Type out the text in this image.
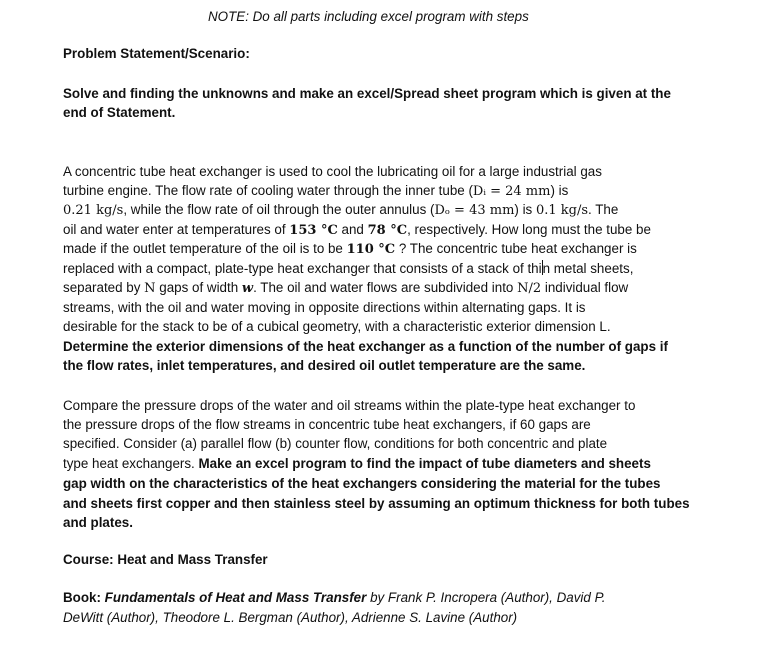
NOTE: Do all parts including excel program with steps
Problem Statement/Scenario:
Solve and finding the unknowns and make an excel/Spread sheet program which is given at the
end of Statement.
A concentric tube heat exchanger is used to cool the lubricating oil for a large industrial gas
turbine engine. The flow rate of cooling water through the inner tube (Dᵢ = 24 mm) is
0.21 kg/s, while the flow rate of oil through the outer annulus (Dₒ = 43 mm) is 0.1 kg/s. The
oil and water enter at temperatures of 153 °C and 78 °C, respectively. How long must the tube be
made if the outlet temperature of the oil is to be 110 °C ? The concentric tube heat exchanger is
replaced with a compact, plate-type heat exchanger that consists of a stack of thin metal sheets,
separated by N gaps of width w. The oil and water flows are subdivided into N/2 individual flow
streams, with the oil and water moving in opposite directions within alternating gaps. It is
desirable for the stack to be of a cubical geometry, with a characteristic exterior dimension L.
Determine the exterior dimensions of the heat exchanger as a function of the number of gaps if
the flow rates, inlet temperatures, and desired oil outlet temperature are the same.
Compare the pressure drops of the water and oil streams within the plate-type heat exchanger to
the pressure drops of the flow streams in concentric tube heat exchangers, if 60 gaps are
specified. Consider (a) parallel flow (b) counter flow, conditions for both concentric and plate
type heat exchangers. Make an excel program to find the impact of tube diameters and sheets
gap width on the characteristics of the heat exchangers considering the material for the tubes
and sheets first copper and then stainless steel by assuming an optimum thickness for both tubes
and plates.
Course: Heat and Mass Transfer
Book: Fundamentals of Heat and Mass Transfer by Frank P. Incropera (Author), David P.
DeWitt (Author), Theodore L. Bergman (Author), Adrienne S. Lavine (Author)
